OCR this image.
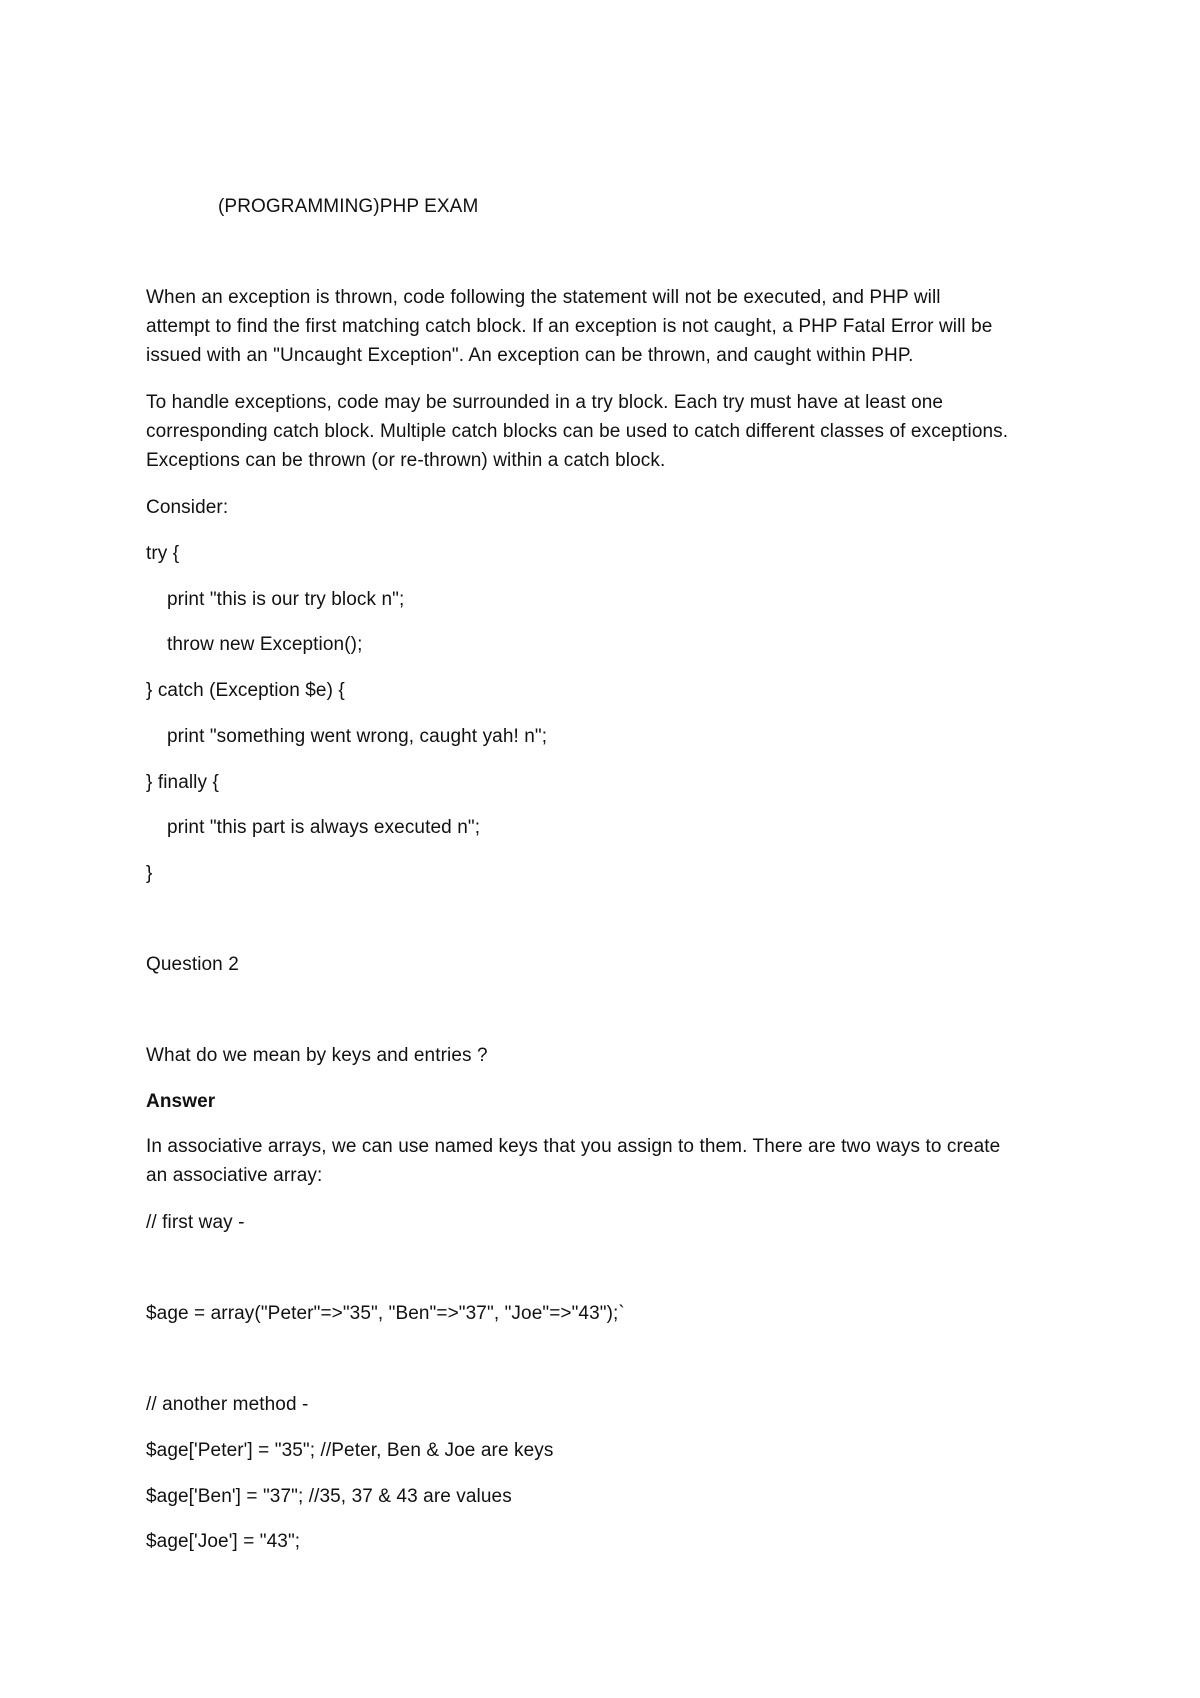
(PROGRAMMING)PHP EXAM
When an exception is thrown, code following the statement will not be executed, and PHP will
attempt to find the first matching catch block. If an exception is not caught, a PHP Fatal Error will be
issued with an "Uncaught Exception". An exception can be thrown, and caught within PHP.
To handle exceptions, code may be surrounded in a try block. Each try must have at least one
corresponding catch block. Multiple catch blocks can be used to catch different classes of exceptions.
Exceptions can be thrown (or re-thrown) within a catch block.
Consider:
try {
print "this is our try block n";
throw new Exception();
} catch (Exception $e) {
print "something went wrong, caught yah! n";
} finally {
print "this part is always executed n";
}
Question 2
What do we mean by keys and entries ?
Answer
In associative arrays, we can use named keys that you assign to them. There are two ways to create
an associative array:
// first way -
$age = array("Peter"=>"35", "Ben"=>"37", "Joe"=>"43");`
// another method -
$age['Peter'] = "35"; //Peter, Ben & Joe are keys
$age['Ben'] = "37"; //35, 37 & 43 are values
$age['Joe'] = "43";
